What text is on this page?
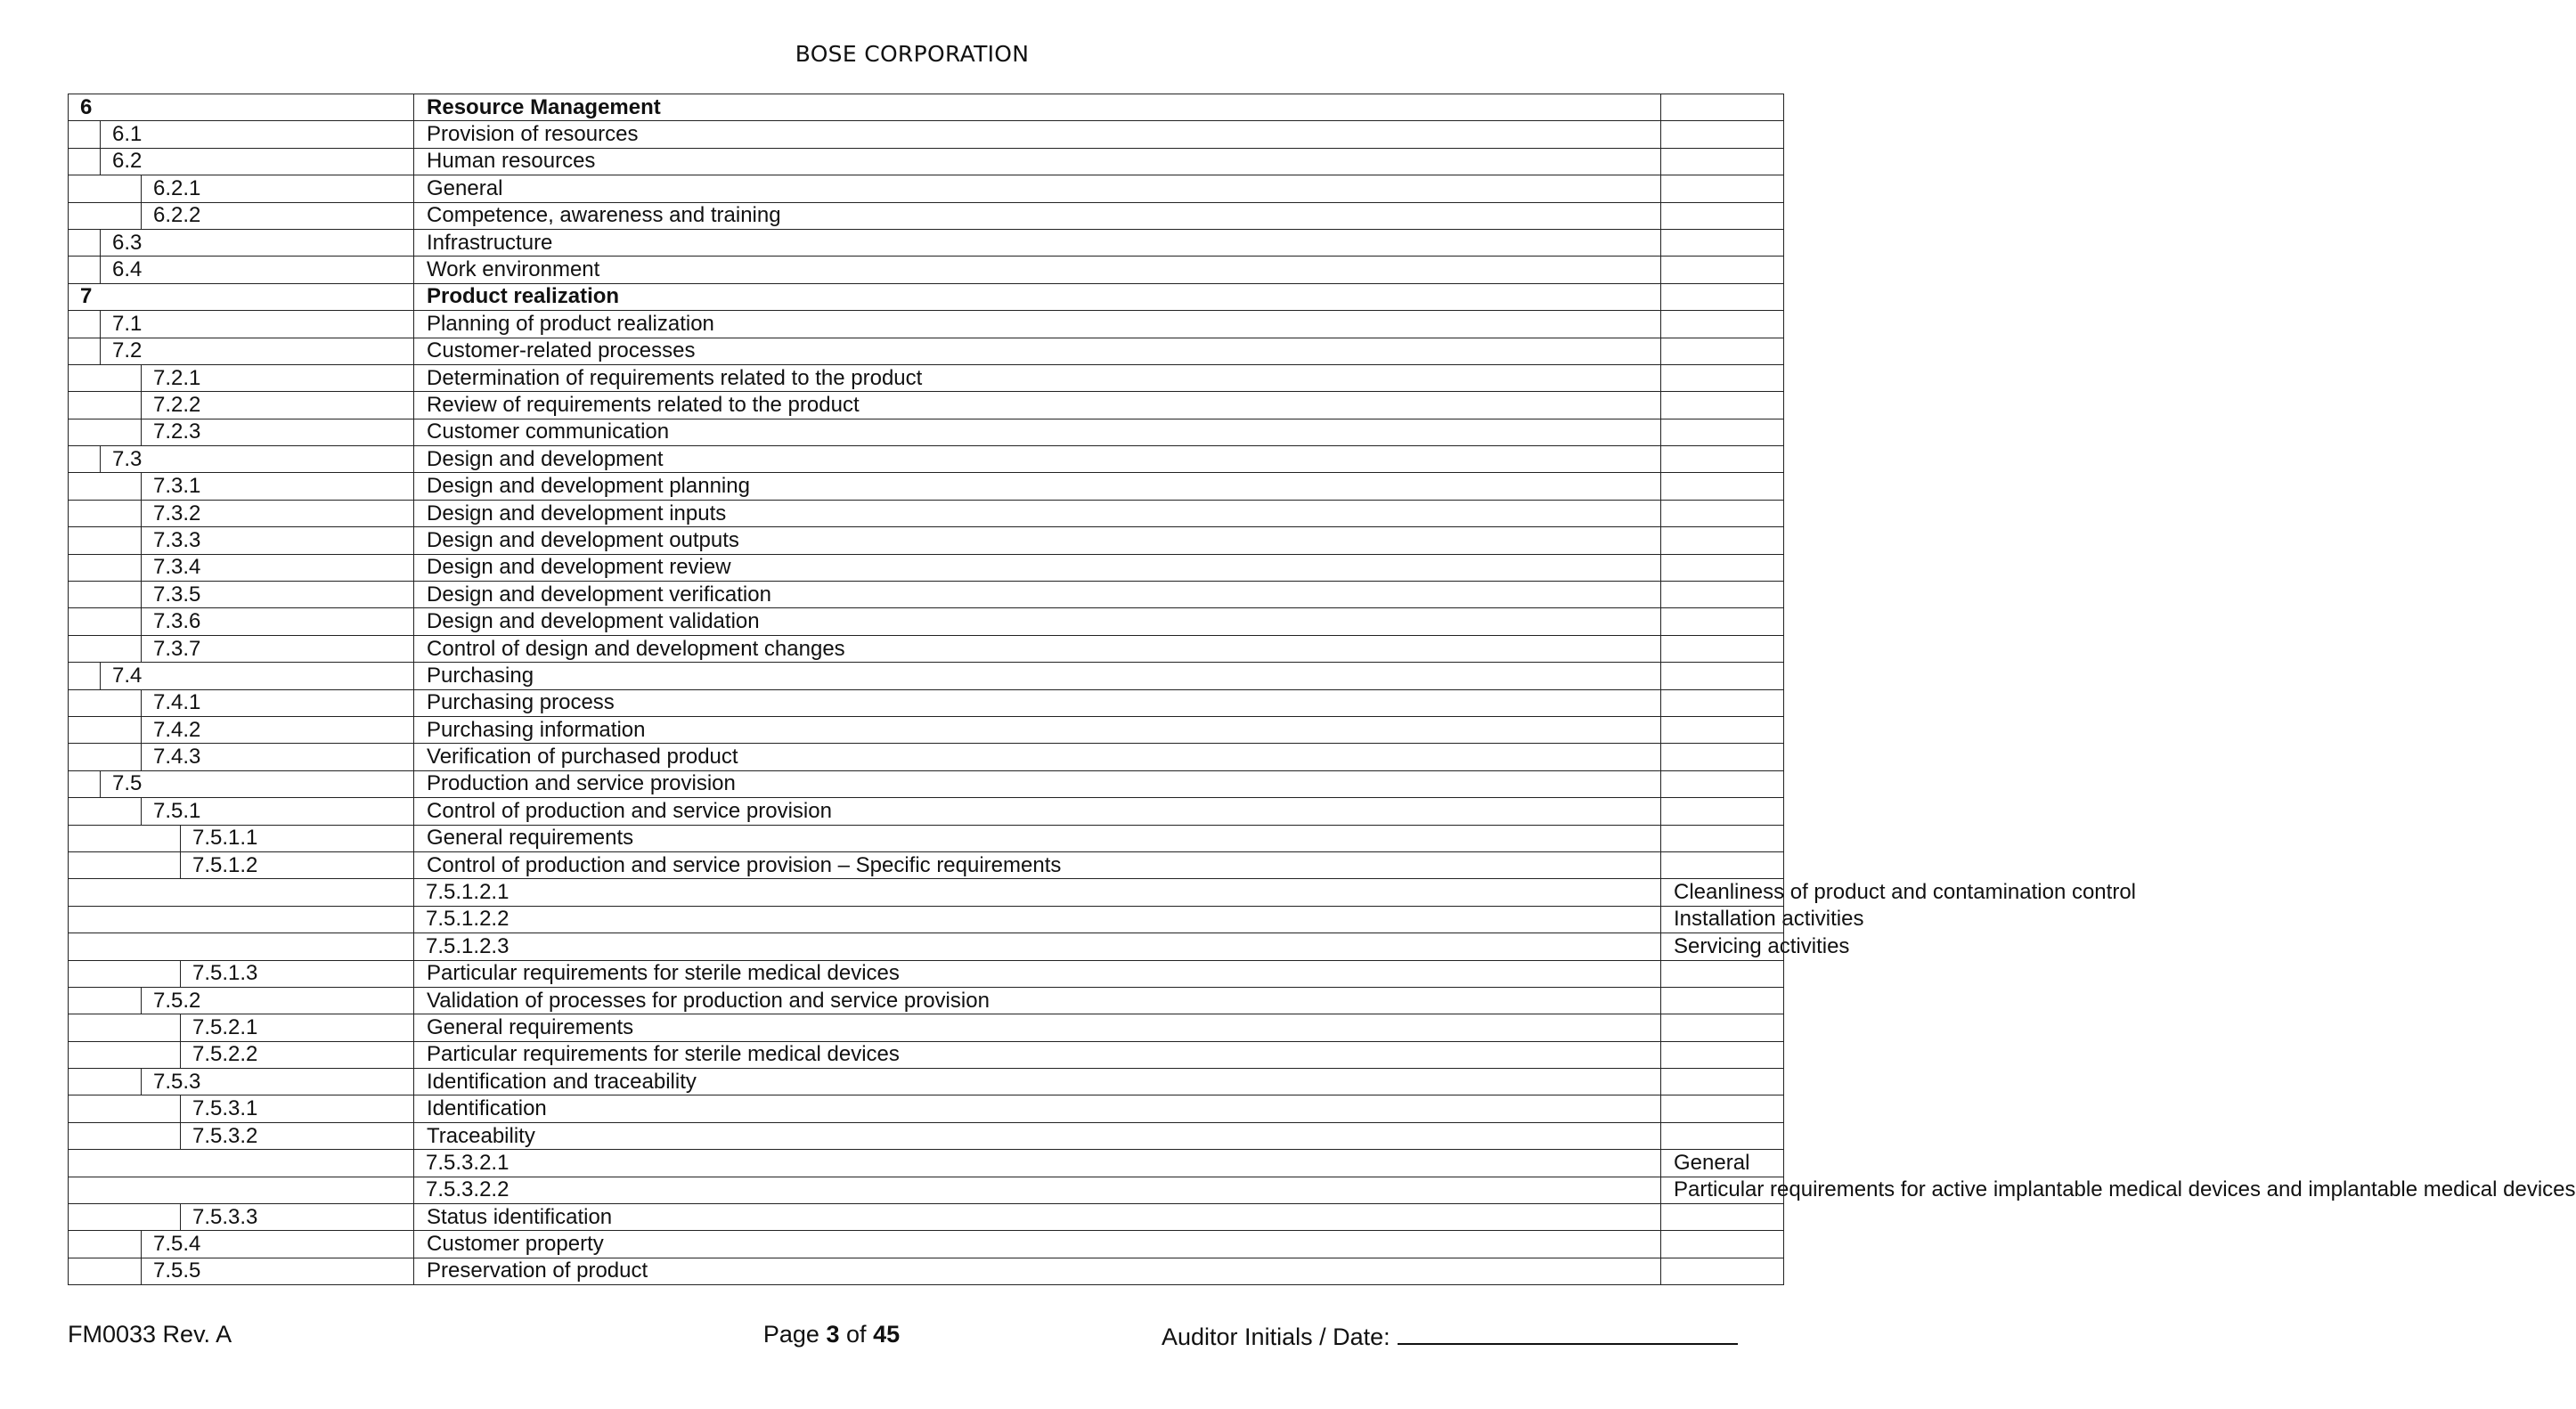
BOSE CORPORATION
6				Resource Management		
	6.1			Provision of resources		
	6.2			Human resources		
		6.2.1		General		
		6.2.2		Competence, awareness and training		
	6.3			Infrastructure		
	6.4			Work environment		
7				Product realization		
	7.1			Planning of product realization		
	7.2			Customer-related processes		
		7.2.1		Determination of requirements related to the product		
		7.2.2		Review of requirements related to the product		
		7.2.3		Customer communication		
	7.3			Design and development		
		7.3.1		Design and development planning		
		7.3.2		Design and development inputs		
		7.3.3		Design and development outputs		
		7.3.4		Design and development review		
		7.3.5		Design and development verification		
		7.3.6		Design and development validation		
		7.3.7		Control of design and development changes		
	7.4			Purchasing		
		7.4.1		Purchasing process		
		7.4.2		Purchasing information		
		7.4.3		Verification of purchased product		
	7.5			Production and service provision		
		7.5.1		Control of production and service provision		
			7.5.1.1	General requirements		
			7.5.1.2	Control of production and service provision – Specific requirements		
				7.5.1.2.1	Cleanliness of product and contamination control	
				7.5.1.2.2	Installation activities	
				7.5.1.2.3	Servicing activities	
			7.5.1.3	Particular requirements for sterile medical devices		
		7.5.2		Validation of processes for production and service provision		
			7.5.2.1	General requirements		
			7.5.2.2	Particular requirements for sterile medical devices		
		7.5.3		Identification and traceability		
			7.5.3.1	Identification		
			7.5.3.2	Traceability		
				7.5.3.2.1	General	
				7.5.3.2.2	Particular requirements for active implantable medical devices and implantable medical devices	
			7.5.3.3	Status identification		
		7.5.4		Customer property		
		7.5.5		Preservation of product		
FM0033 Rev. A	Page 3 of 45	Auditor Initials / Date:
